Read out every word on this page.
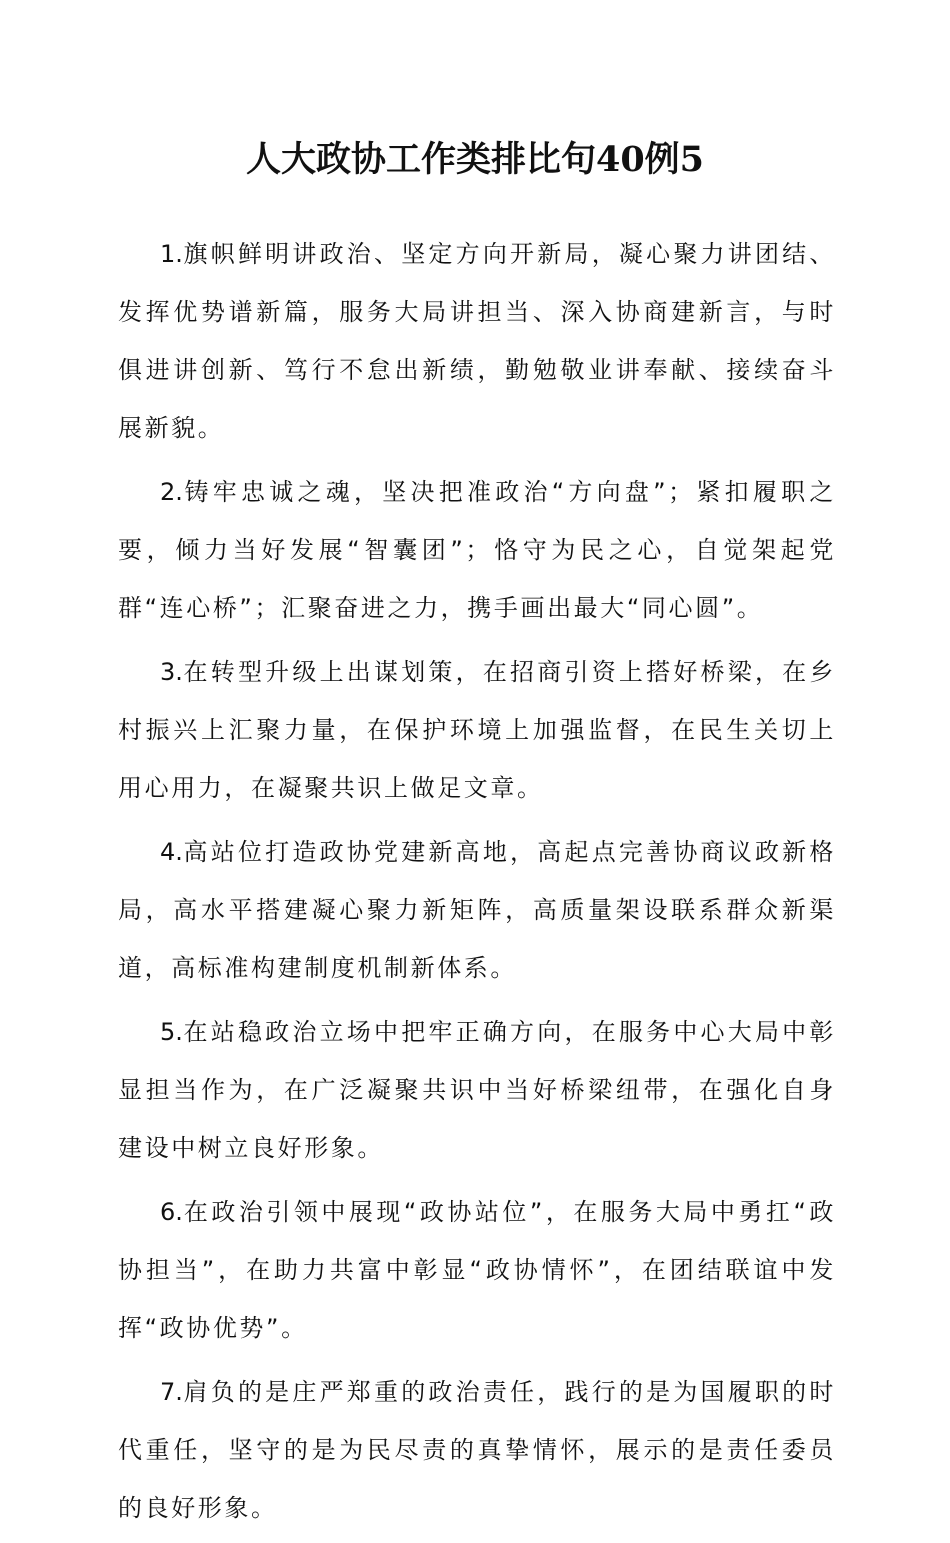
人大政协工作类排比句40例5

1.旗帜鲜明讲政治、坚定方向开新局，凝心聚力讲团结、发挥优势谱新篇，服务大局讲担当、深入协商建新言，与时俱进讲创新、笃行不怠出新绩，勤勉敬业讲奉献、接续奋斗展新貌。

2.铸牢忠诚之魂，坚决把准政治“方向盘”；紧扣履职之要，倾力当好发展“智囊团”；恪守为民之心，自觉架起党群“连心桥”；汇聚奋进之力，携手画出最大“同心圆”。

3.在转型升级上出谋划策，在招商引资上搭好桥梁，在乡村振兴上汇聚力量，在保护环境上加强监督，在民生关切上用心用力，在凝聚共识上做足文章。

4.高站位打造政协党建新高地，高起点完善协商议政新格局，高水平搭建凝心聚力新矩阵，高质量架设联系群众新渠道，高标准构建制度机制新体系。

5.在站稳政治立场中把牢正确方向，在服务中心大局中彰显担当作为，在广泛凝聚共识中当好桥梁纽带，在强化自身建设中树立良好形象。

6.在政治引领中展现“政协站位”，在服务大局中勇扛“政协担当”，在助力共富中彰显“政协情怀”，在团结联谊中发挥“政协优势”。

7.肩负的是庄严郑重的政治责任，践行的是为国履职的时代重任，坚守的是为民尽责的真挚情怀，展示的是责任委员的良好形象。
